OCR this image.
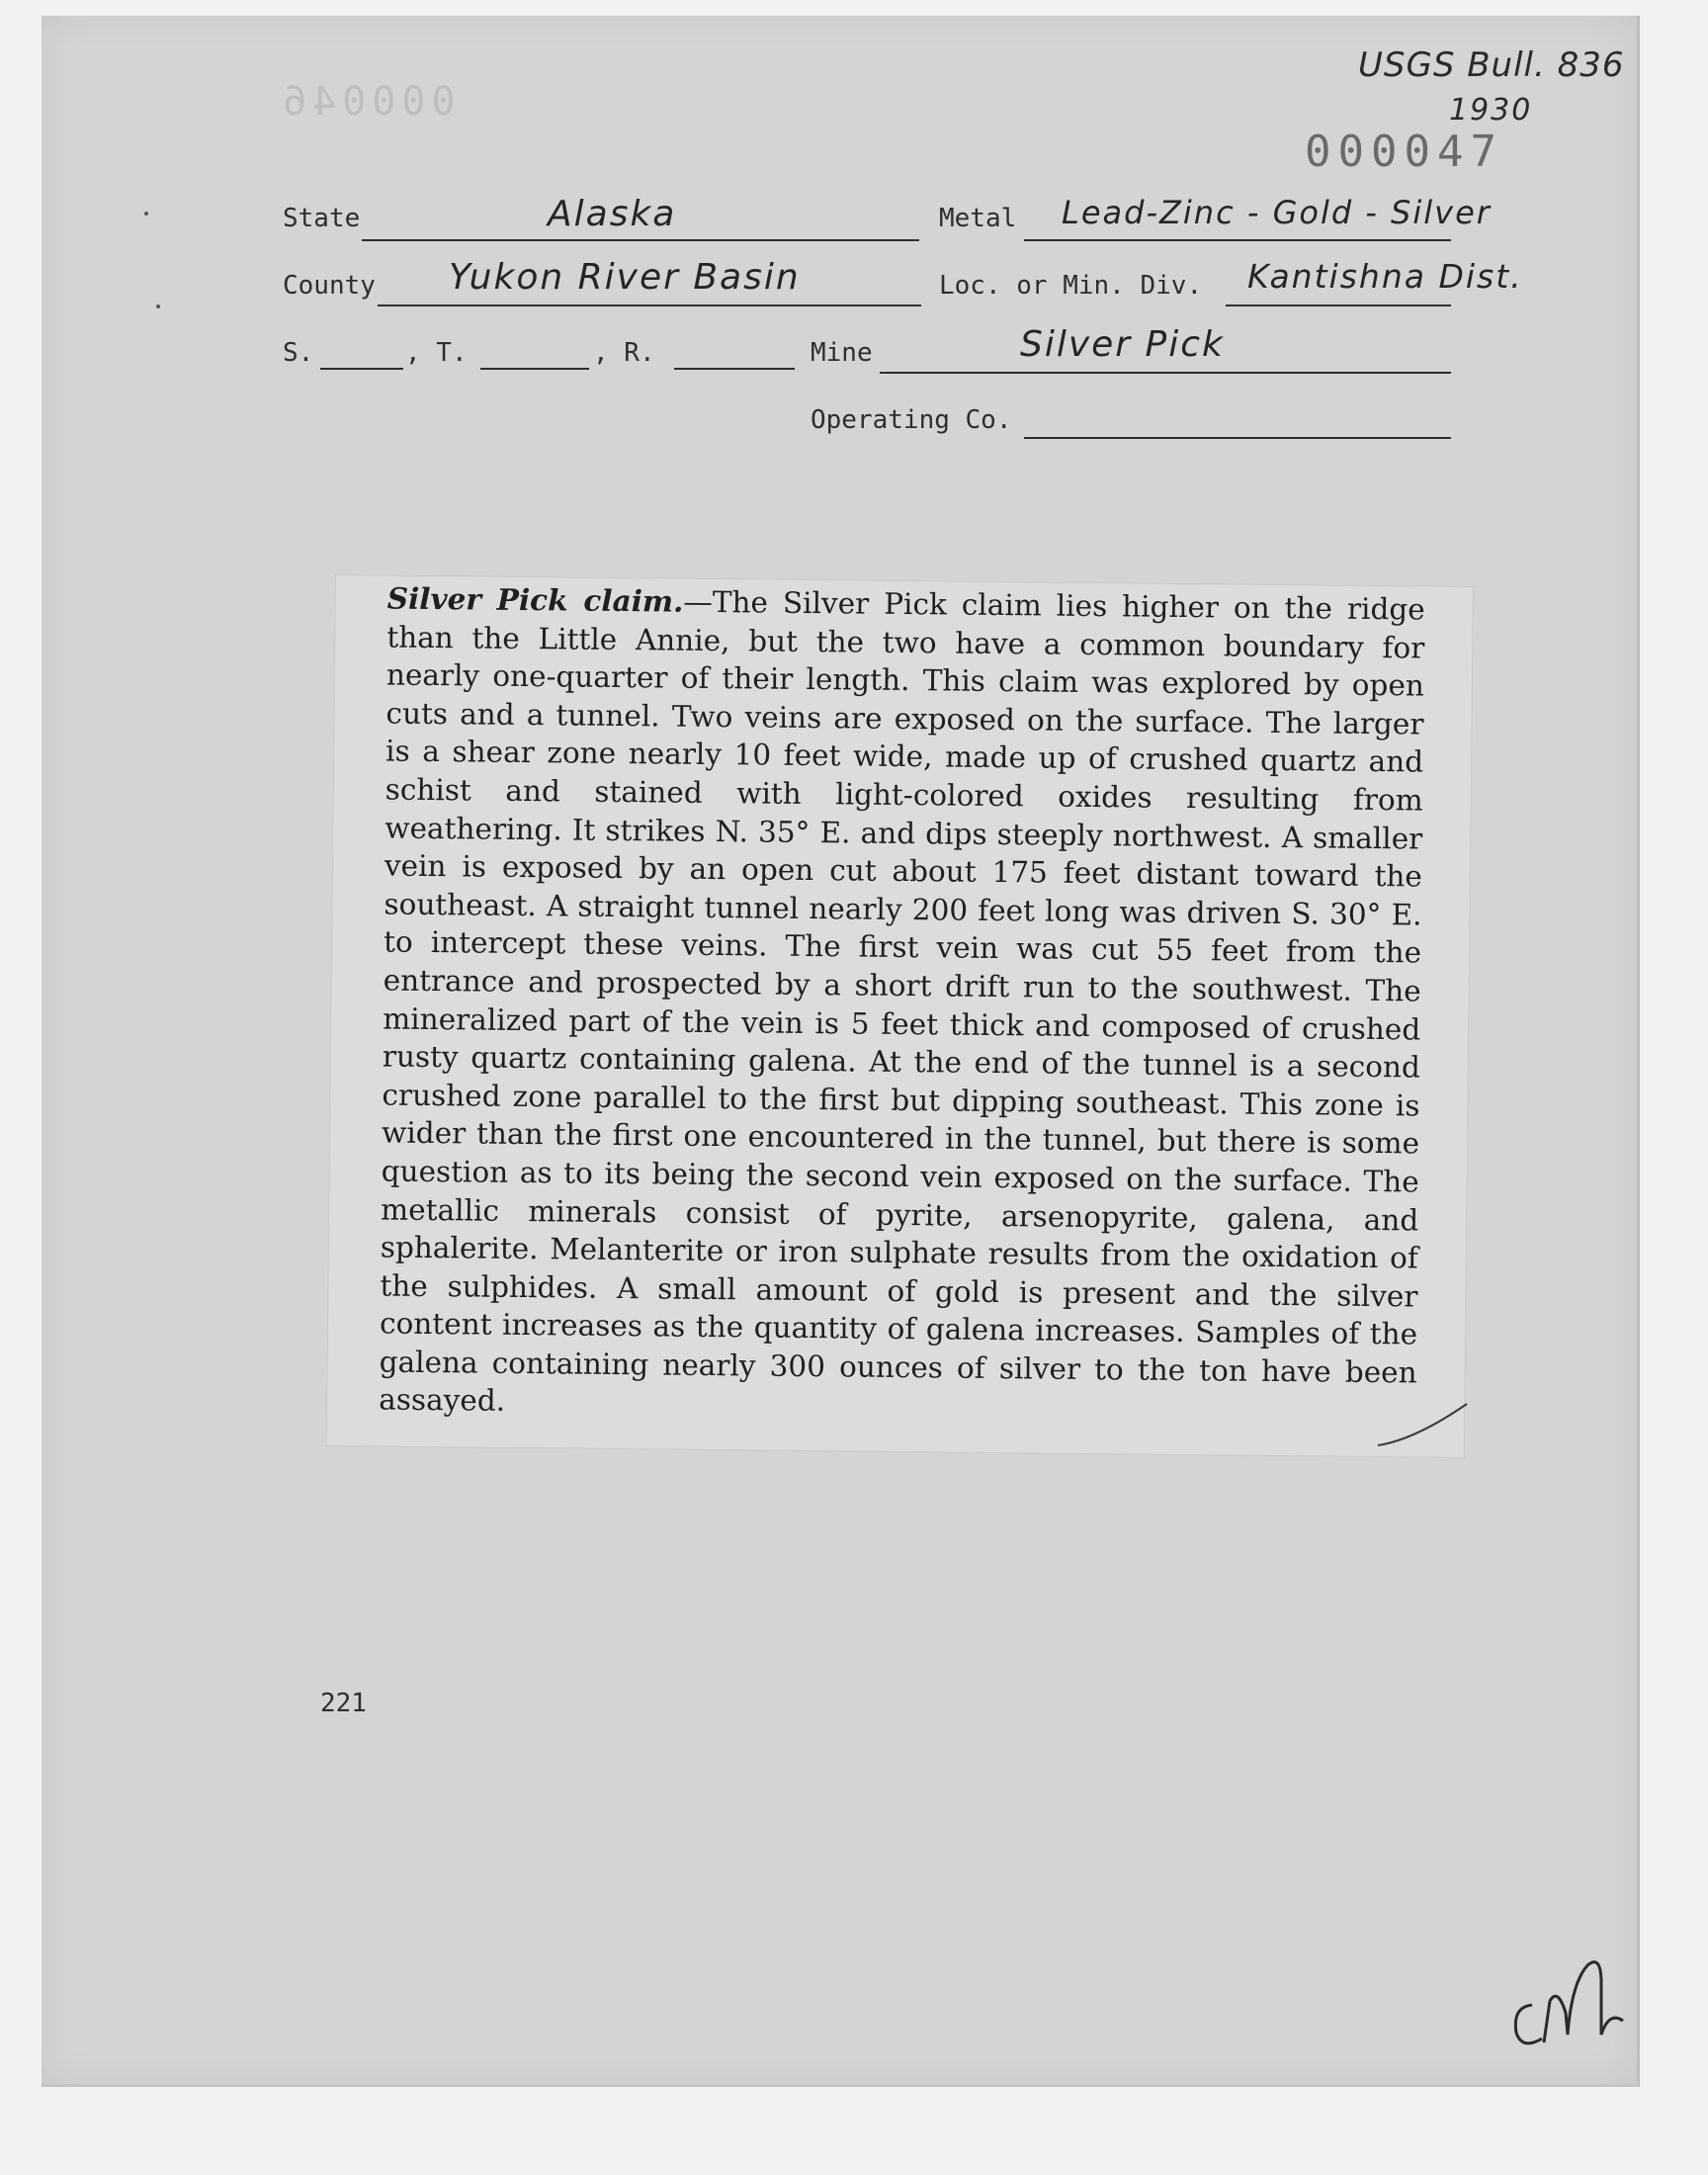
000046
USGS Bull. 836
1930
000047
State	Alaska	Metal Lead-Zinc - Gold - Silver
County Yukon River Basin	Loc. or Min. Div. Kantishna Dist.
S.	, T.	, R.	Mine	Silver Pick
Operating Co.

Silver Pick claim.—The Silver Pick claim lies higher on the ridge than the Little Annie, but the two have a common boundary for nearly one-quarter of their length. This claim was explored by open cuts and a tunnel. Two veins are exposed on the surface. The larger is a shear zone nearly 10 feet wide, made up of crushed quartz and schist and stained with light-colored oxides resulting from weathering. It strikes N. 35° E. and dips steeply northwest. A smaller vein is exposed by an open cut about 175 feet distant toward the southeast. A straight tunnel nearly 200 feet long was driven S. 30° E. to intercept these veins. The first vein was cut 55 feet from the entrance and prospected by a short drift run to the southwest. The mineralized part of the vein is 5 feet thick and composed of crushed rusty quartz containing galena. At the end of the tunnel is a second crushed zone parallel to the first but dipping southeast. This zone is wider than the first one encountered in the tunnel, but there is some question as to its being the second vein exposed on the surface. The metallic minerals consist of pyrite, arsenopyrite, galena, and sphalerite. Melanterite or iron sulphate results from the oxidation of the sulphides. A small amount of gold is present and the silver content increases as the quantity of galena increases. Samples of the galena containing nearly 300 ounces of silver to the ton have been assayed.

221
